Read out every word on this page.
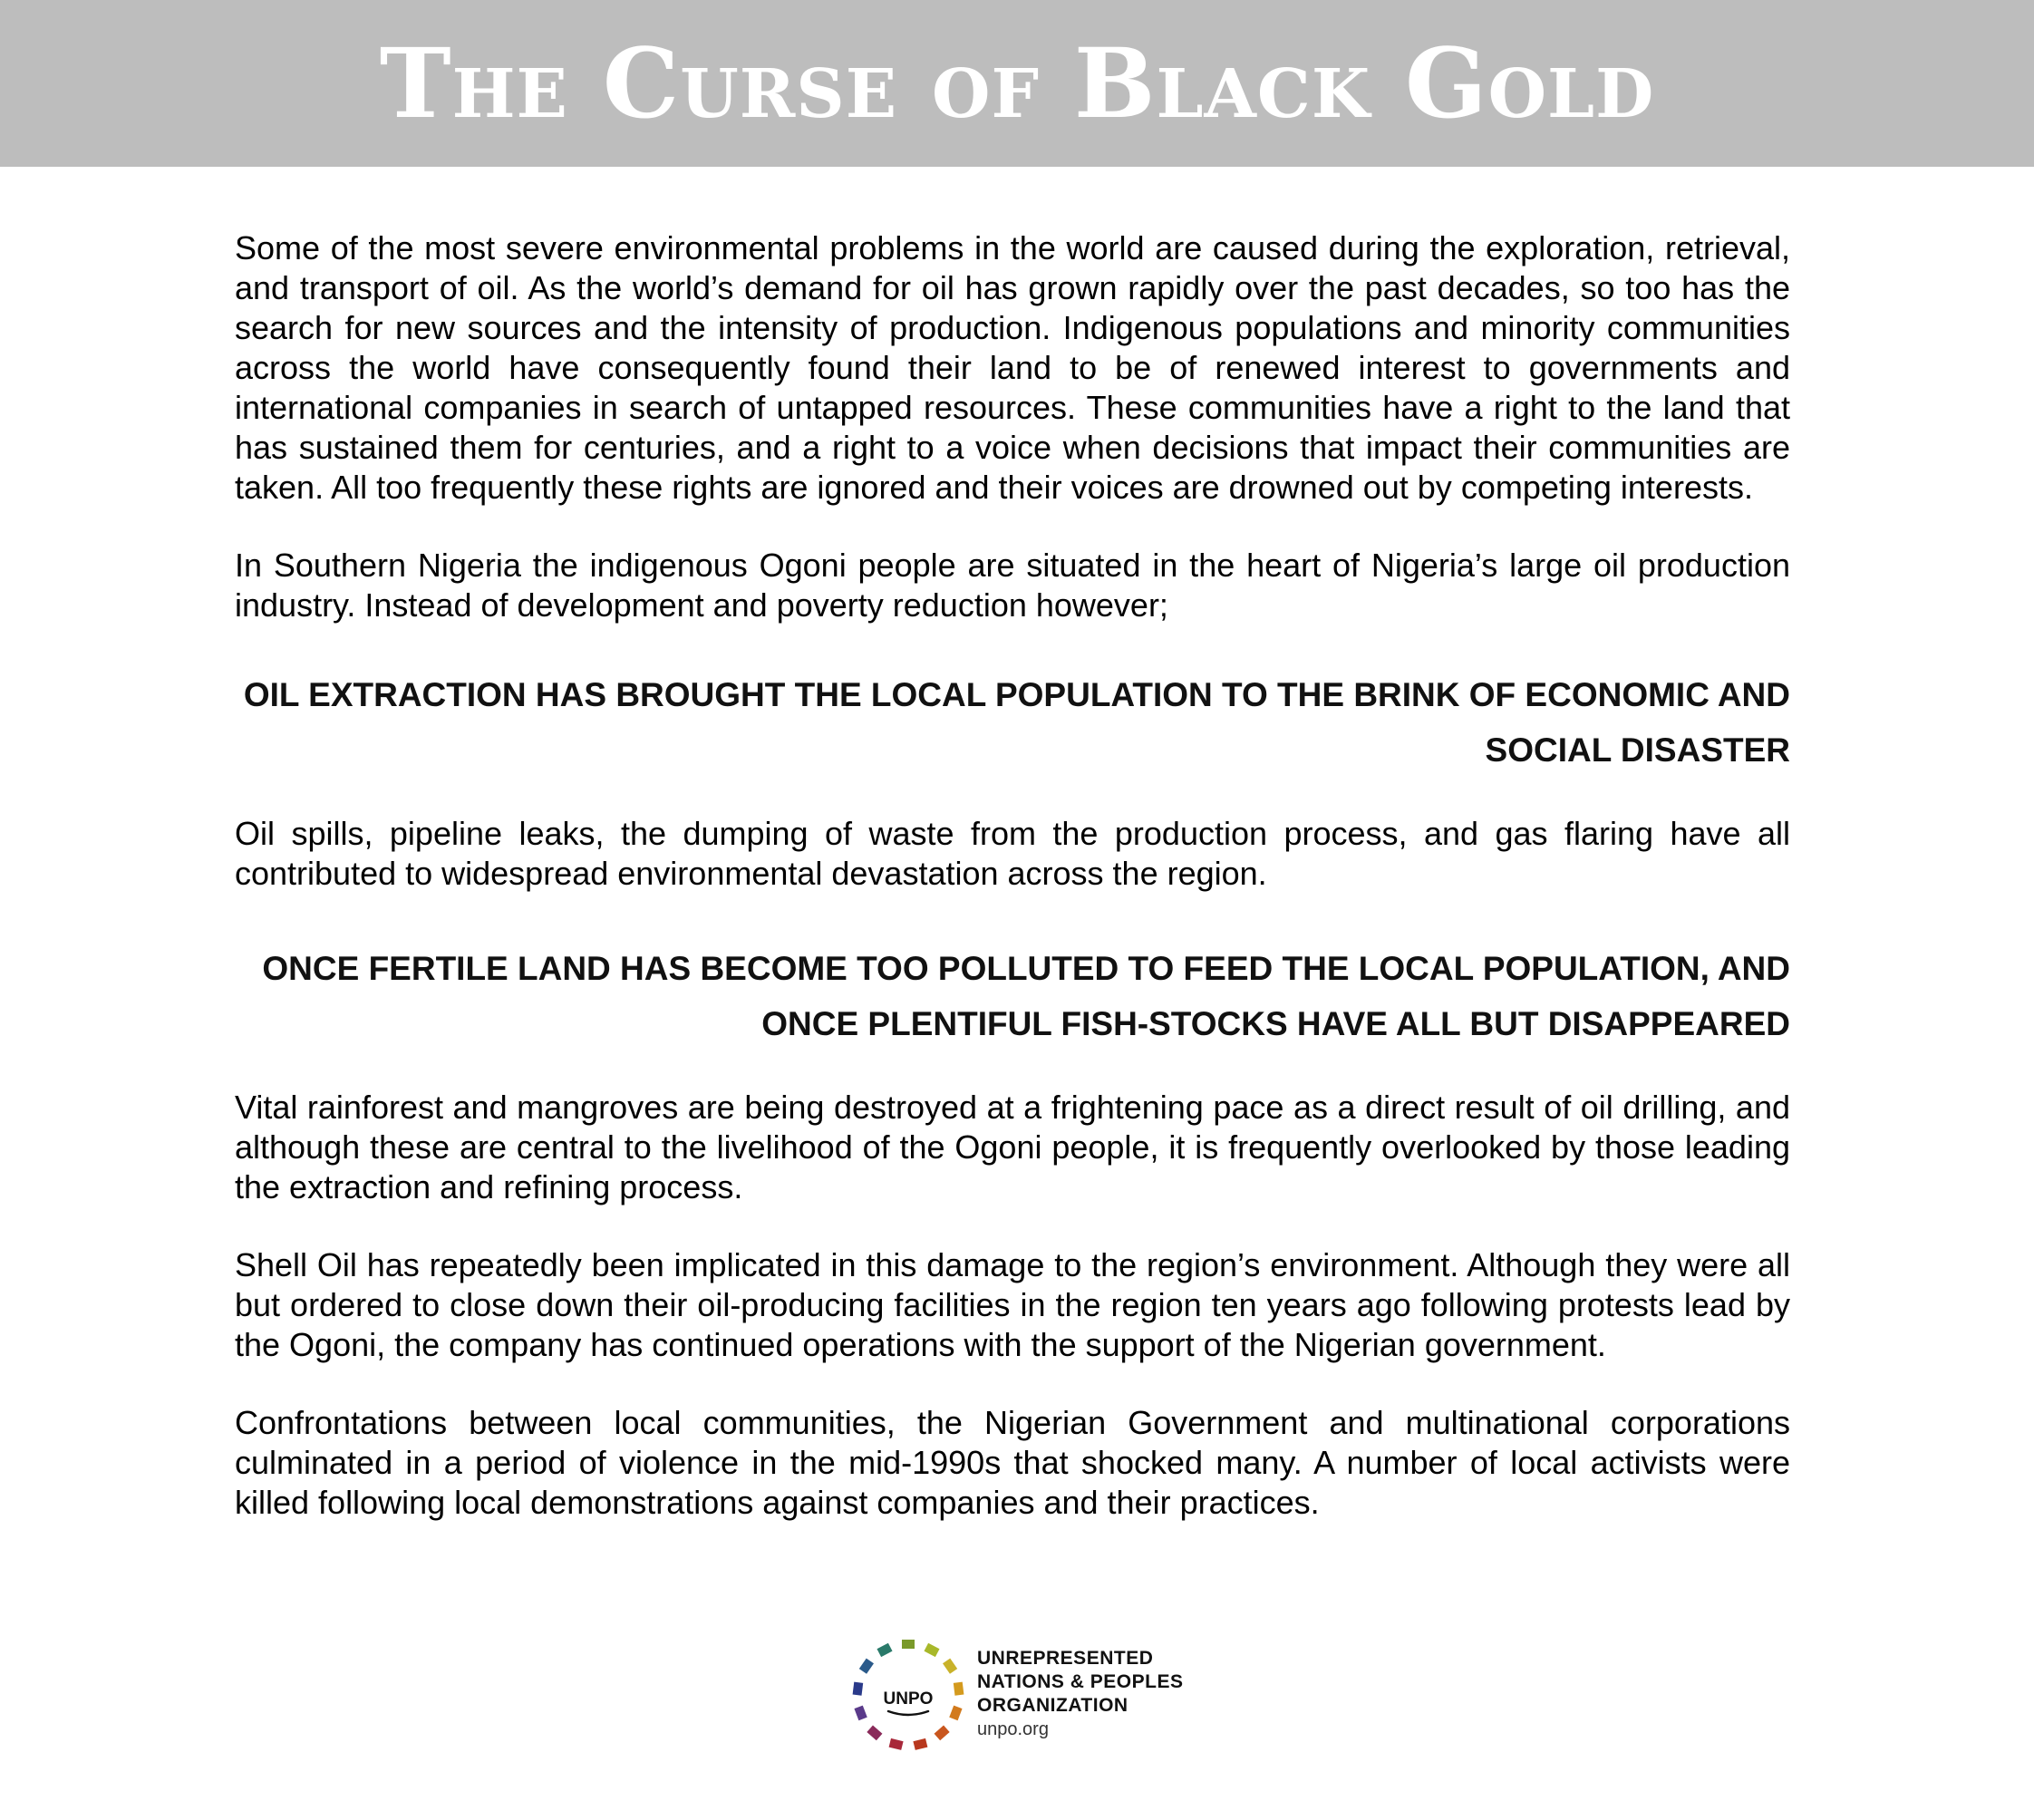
The Curse of Black Gold

Some of the most severe environmental problems in the world are caused during the exploration, retrieval, and transport of oil. As the world’s demand for oil has grown rapidly over the past decades, so too has the search for new sources and the intensity of production. Indigenous populations and minority communities across the world have consequently found their land to be of renewed interest to governments and international companies in search of untapped resources. These communities have a right to the land that has sustained them for centuries, and a right to a voice when decisions that impact their communities are taken. All too frequently these rights are ignored and their voices are drowned out by competing interests.

In Southern Nigeria the indigenous Ogoni people are situated in the heart of Nigeria’s large oil production industry. Instead of development and poverty reduction however;

OIL EXTRACTION HAS BROUGHT THE LOCAL POPULATION TO THE BRINK OF ECONOMIC AND SOCIAL DISASTER

Oil spills, pipeline leaks, the dumping of waste from the production process, and gas flaring have all contributed to widespread environmental devastation across the region.

ONCE FERTILE LAND HAS BECOME TOO POLLUTED TO FEED THE LOCAL POPULATION, AND ONCE PLENTIFUL FISH-STOCKS HAVE ALL BUT DISAPPEARED

Vital rainforest and mangroves are being destroyed at a frightening pace as a direct result of oil drilling, and although these are central to the livelihood of the Ogoni people, it is frequently overlooked by those leading the extraction and refining process.

Shell Oil has repeatedly been implicated in this damage to the region’s environment. Although they were all but ordered to close down their oil-producing facilities in the region ten years ago following protests lead by the Ogoni, the company has continued operations with the support of the Nigerian government.

Confrontations between local communities, the Nigerian Government and multinational corporations culminated in a period of violence in the mid-1990s that shocked many. A number of local activists were killed following local demonstrations against companies and their practices.

UNPO
UNREPRESENTED
NATIONS & PEOPLES
ORGANIZATION
unpo.org
